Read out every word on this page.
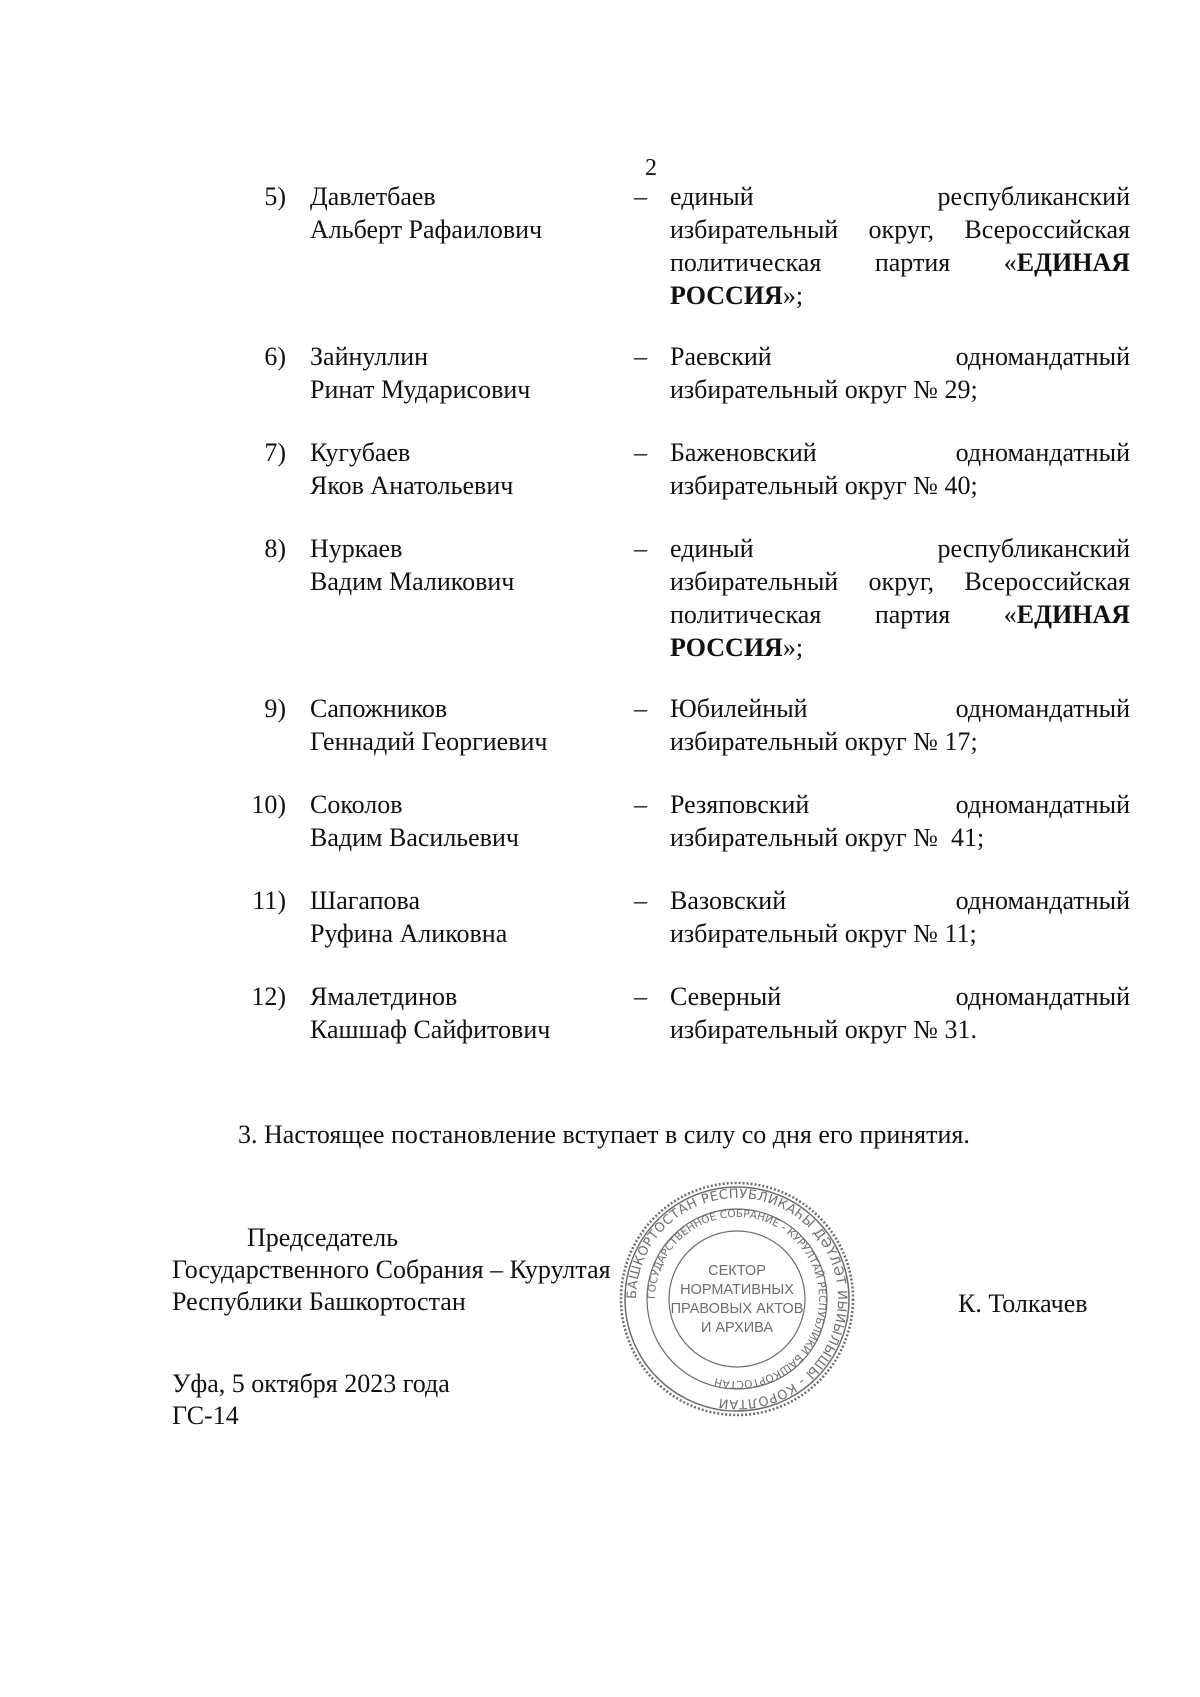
2
5) Давлетбаев
Альберт Рафаилович
– единый республиканский
избирательный округ, Всероссийская
политическая партия «ЕДИНАЯ
РОССИЯ»;
6) Зайнуллин
Ринат Мударисович
– Раевский одномандатный
избирательный округ № 29;
7) Кугубаев
Яков Анатольевич
– Баженовский одномандатный
избирательный округ № 40;
8) Нуркаев
Вадим Маликович
– единый республиканский
избирательный округ, Всероссийская
политическая партия «ЕДИНАЯ
РОССИЯ»;
9) Сапожников
Геннадий Георгиевич
– Юбилейный одномандатный
избирательный округ № 17;
10) Соколов
Вадим Васильевич
– Резяповский одномандатный
избирательный округ №  41;
11) Шагапова
Руфина Аликовна
– Вазовский одномандатный
избирательный округ № 11;
12) Ямалетдинов
Кашшаф Сайфитович
– Северный одномандатный
избирательный округ № 31.
3. Настоящее постановление вступает в силу со дня его принятия.
Председатель
Государственного Собрания – Курултая
Республики Башкортостан	К. Толкачев
Уфа, 5 октября 2023 года
ГС-14
БАШКОРТОСТАН РЕСПУБЛИКАҺЫ ДӘҮЛӘТ ЙЫЙЫЛЫШЫ - КОРОЛТАЙ
ГОСУДАРСТВЕННОЕ СОБРАНИЕ - КУРУЛТАЙ РЕСПУБЛИКИ БАШКОРТОСТАН
СЕКТОР
НОРМАТИВНЫХ
ПРАВОВЫХ АКТОВ
И АРХИВА
